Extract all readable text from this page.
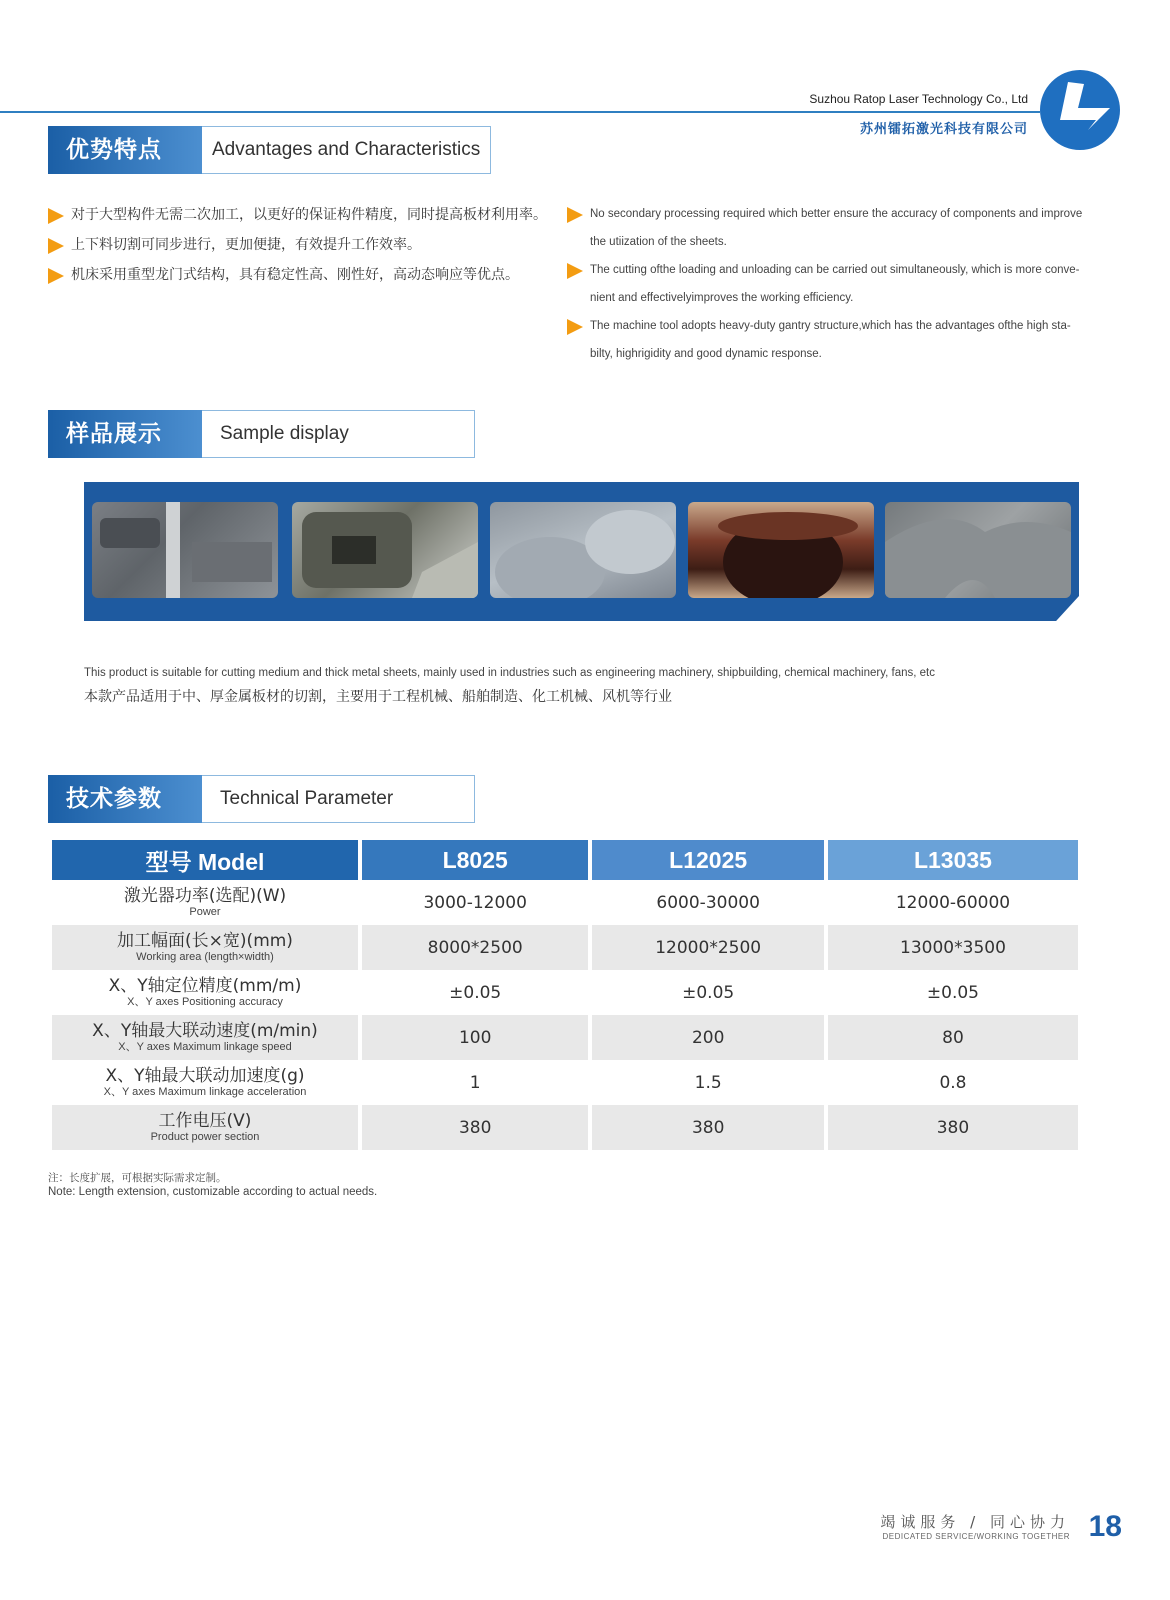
Suzhou Ratop Laser Technology Co., Ltd
苏州镭拓激光科技有限公司
优势特点	Advantages and Characteristics
对于大型构件无需二次加工，以更好的保证构件精度，同时提高板材利用率。
上下料切割可同步进行，更加便捷，有效提升工作效率。
机床采用重型龙门式结构，具有稳定性高、刚性好，高动态响应等优点。
No secondary processing required which better ensure the accuracy of components and improve the utiization of the sheets.
The cutting ofthe loading and unloading can be carried out simultaneously, which is more conve- nient and effectivelyimproves the working efficiency.
The machine tool adopts heavy-duty gantry structure,which has the advantages ofthe high sta- bilty, highrigidity and good dynamic response.
样品展示	Sample display
This product is suitable for cutting medium and thick metal sheets, mainly used in industries such as engineering machinery, shipbuilding, chemical machinery, fans, etc
本款产品适用于中、厚金属板材的切割，主要用于工程机械、船舶制造、化工机械、风机等行业
技术参数	Technical Parameter
型号 Model	L8025	L12025	L13035

激光器功率(选配)(W)
Power	3000-12000	6000-30000	12000-60000

加工幅面(长×宽)(mm)
Working area (length×width)	8000*2500	12000*2500	13000*3500

X、Y轴定位精度(mm/m)
X、Y axes Positioning accuracy	±0.05	±0.05	±0.05

X、Y轴最大联动速度(m/min)
X、Y axes Maximum linkage speed	100	200	80

X、Y轴最大联动加速度(g)
X、Y axes Maximum linkage acceleration	1	1.5	0.8

工作电压(V)
Product power section	380	380	380
注：长度扩展，可根据实际需求定制。
Note: Length extension, customizable according to actual needs.
竭诚服务 / 同心协力
DEDICATED SERVICE/WORKING TOGETHER 18
